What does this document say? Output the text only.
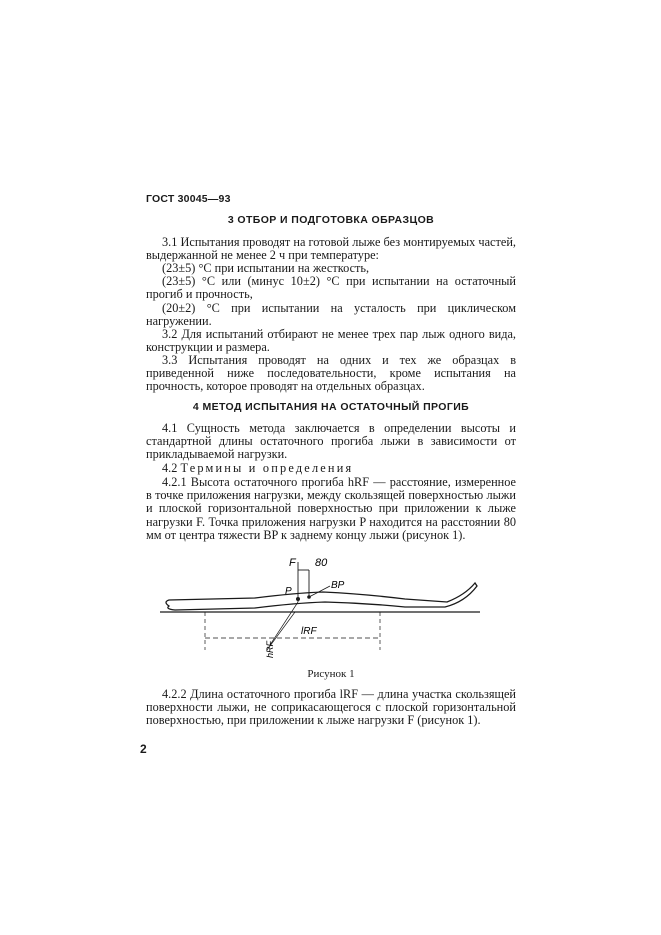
ГОСТ 30045—93
3 ОТБОР И ПОДГОТОВКА ОБРАЗЦОВ

3.1 Испытания проводят на готовой лыже без монтируемых частей, выдержанной не менее 2 ч при температуре:

(23±5) °С при испытании на жесткость,

(23±5) °С или (минус 10±2) °С при испытании на остаточный прогиб и прочность,

(20±2) °С при испытании на усталость при циклическом нагружении.

3.2 Для испытаний отбирают не менее трех пар лыж одного вида, конструкции и размера.

3.3 Испытания проводят на одних и тех же образцах в приведенной ниже последовательности, кроме испытания на прочность, которое проводят на отдельных образцах.

4 МЕТОД ИСПЫТАНИЯ НА ОСТАТОЧНЫЙ ПРОГИБ

4.1 Сущность метода заключается в определении высоты и стандартной длины остаточного прогиба лыжи в зависимости от прикладываемой нагрузки.

4.2 Термины и определения

4.2.1 Высота остаточного прогиба hRF — расстояние, измеренное в точке приложения нагрузки, между скользящей поверхностью лыжи и плоской горизонтальной поверхностью при приложении к лыже нагрузки F. Точка приложения нагрузки P находится на расстоянии 80 мм от центра тяжести BP к заднему концу лыжи (рисунок 1).

F 80
BP
P
lRF
hRF
Рисунок 1

4.2.2 Длина остаточного прогиба lRF — длина участка скользящей поверхности лыжи, не соприкасающегося с плоской горизонтальной поверхностью, при приложении к лыже нагрузки F (рисунок 1).

2
